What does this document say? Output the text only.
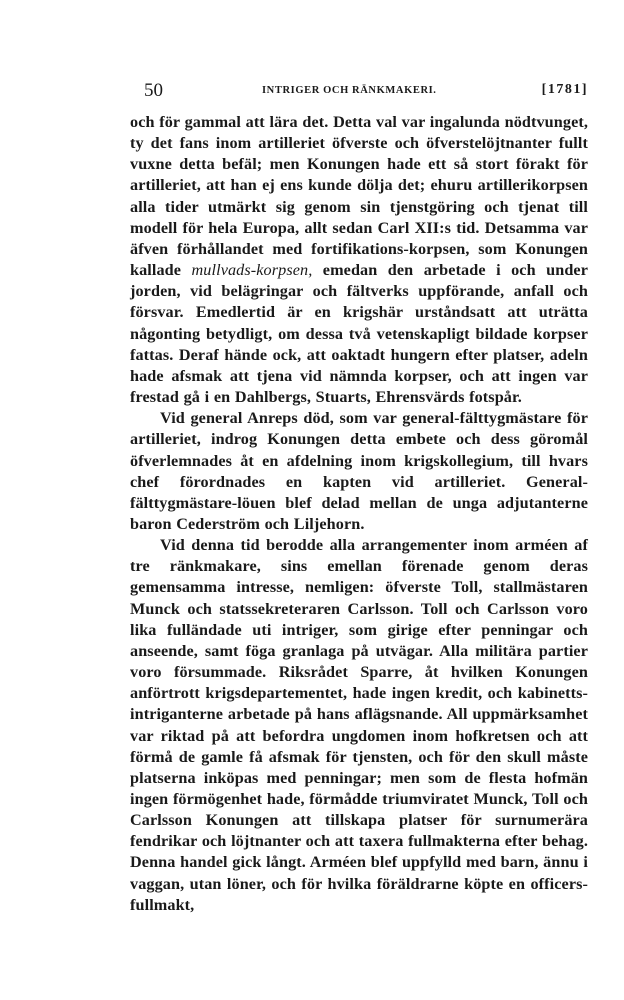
50	INTRIGER OCH RÄNKMAKERI.	[1781]

och för gammal att lära det. Detta val var ingalunda nödtvunget, ty det fans inom artilleriet öfverste och öfverstelöjtnanter fullt vuxne detta befäl; men Konungen hade ett så stort förakt för artilleriet, att han ej ens kunde dölja det; ehuru artillerikorpsen alla tider utmärkt sig genom sin tjenstgöring och tjenat till modell för hela Europa, allt sedan Carl XII:s tid. Detsamma var äfven förhållandet med fortifikations-korpsen, som Konungen kallade mullvads-korpsen, emedan den arbetade i och under jorden, vid belägringar och fältverks uppförande, anfall och försvar. Emedlertid är en krigshär urståndsatt att uträtta någonting betydligt, om dessa två vetenskapligt bildade korpser fattas. Deraf hände ock, att oaktadt hungern efter platser, adeln hade afsmak att tjena vid nämnda korpser, och att ingen var frestad gå i en Dahlbergs, Stuarts, Ehrensvärds fotspår.

Vid general Anreps död, som var general-fälttygmästare för artilleriet, indrog Konungen detta embete och dess göromål öfverlemnades åt en afdelning inom krigskollegium, till hvars chef förordnades en kapten vid artilleriet. General-fälttygmästare-löuen blef delad mellan de unga adjutanterne baron Cederström och Liljehorn.

Vid denna tid berodde alla arrangementer inom arméen af tre ränkmakare, sins emellan förenade genom deras gemensamma intresse, nemligen: öfverste Toll, stallmästaren Munck och statssekreteraren Carlsson. Toll och Carlsson voro lika fulländade uti intriger, som girige efter penningar och anseende, samt föga granlaga på utvägar. Alla militära partier voro försummade. Riksrådet Sparre, åt hvilken Konungen anförtrott krigsdepartementet, hade ingen kredit, och kabinetts-intriganterne arbetade på hans aflägsnande. All uppmärksamhet var riktad på att befordra ungdomen inom hofkretsen och att förmå de gamle få afsmak för tjensten, och för den skull måste platserna inköpas med penningar; men som de flesta hofmän ingen förmögenhet hade, förmådde triumviratet Munck, Toll och Carlsson Konungen att tillskapa platser för surnumerära fendrikar och löjtnanter och att taxera fullmakterna efter behag. Denna handel gick långt. Arméen blef uppfylld med barn, ännu i vaggan, utan löner, och för hvilka föräldrarne köpte en officers-fullmakt,
